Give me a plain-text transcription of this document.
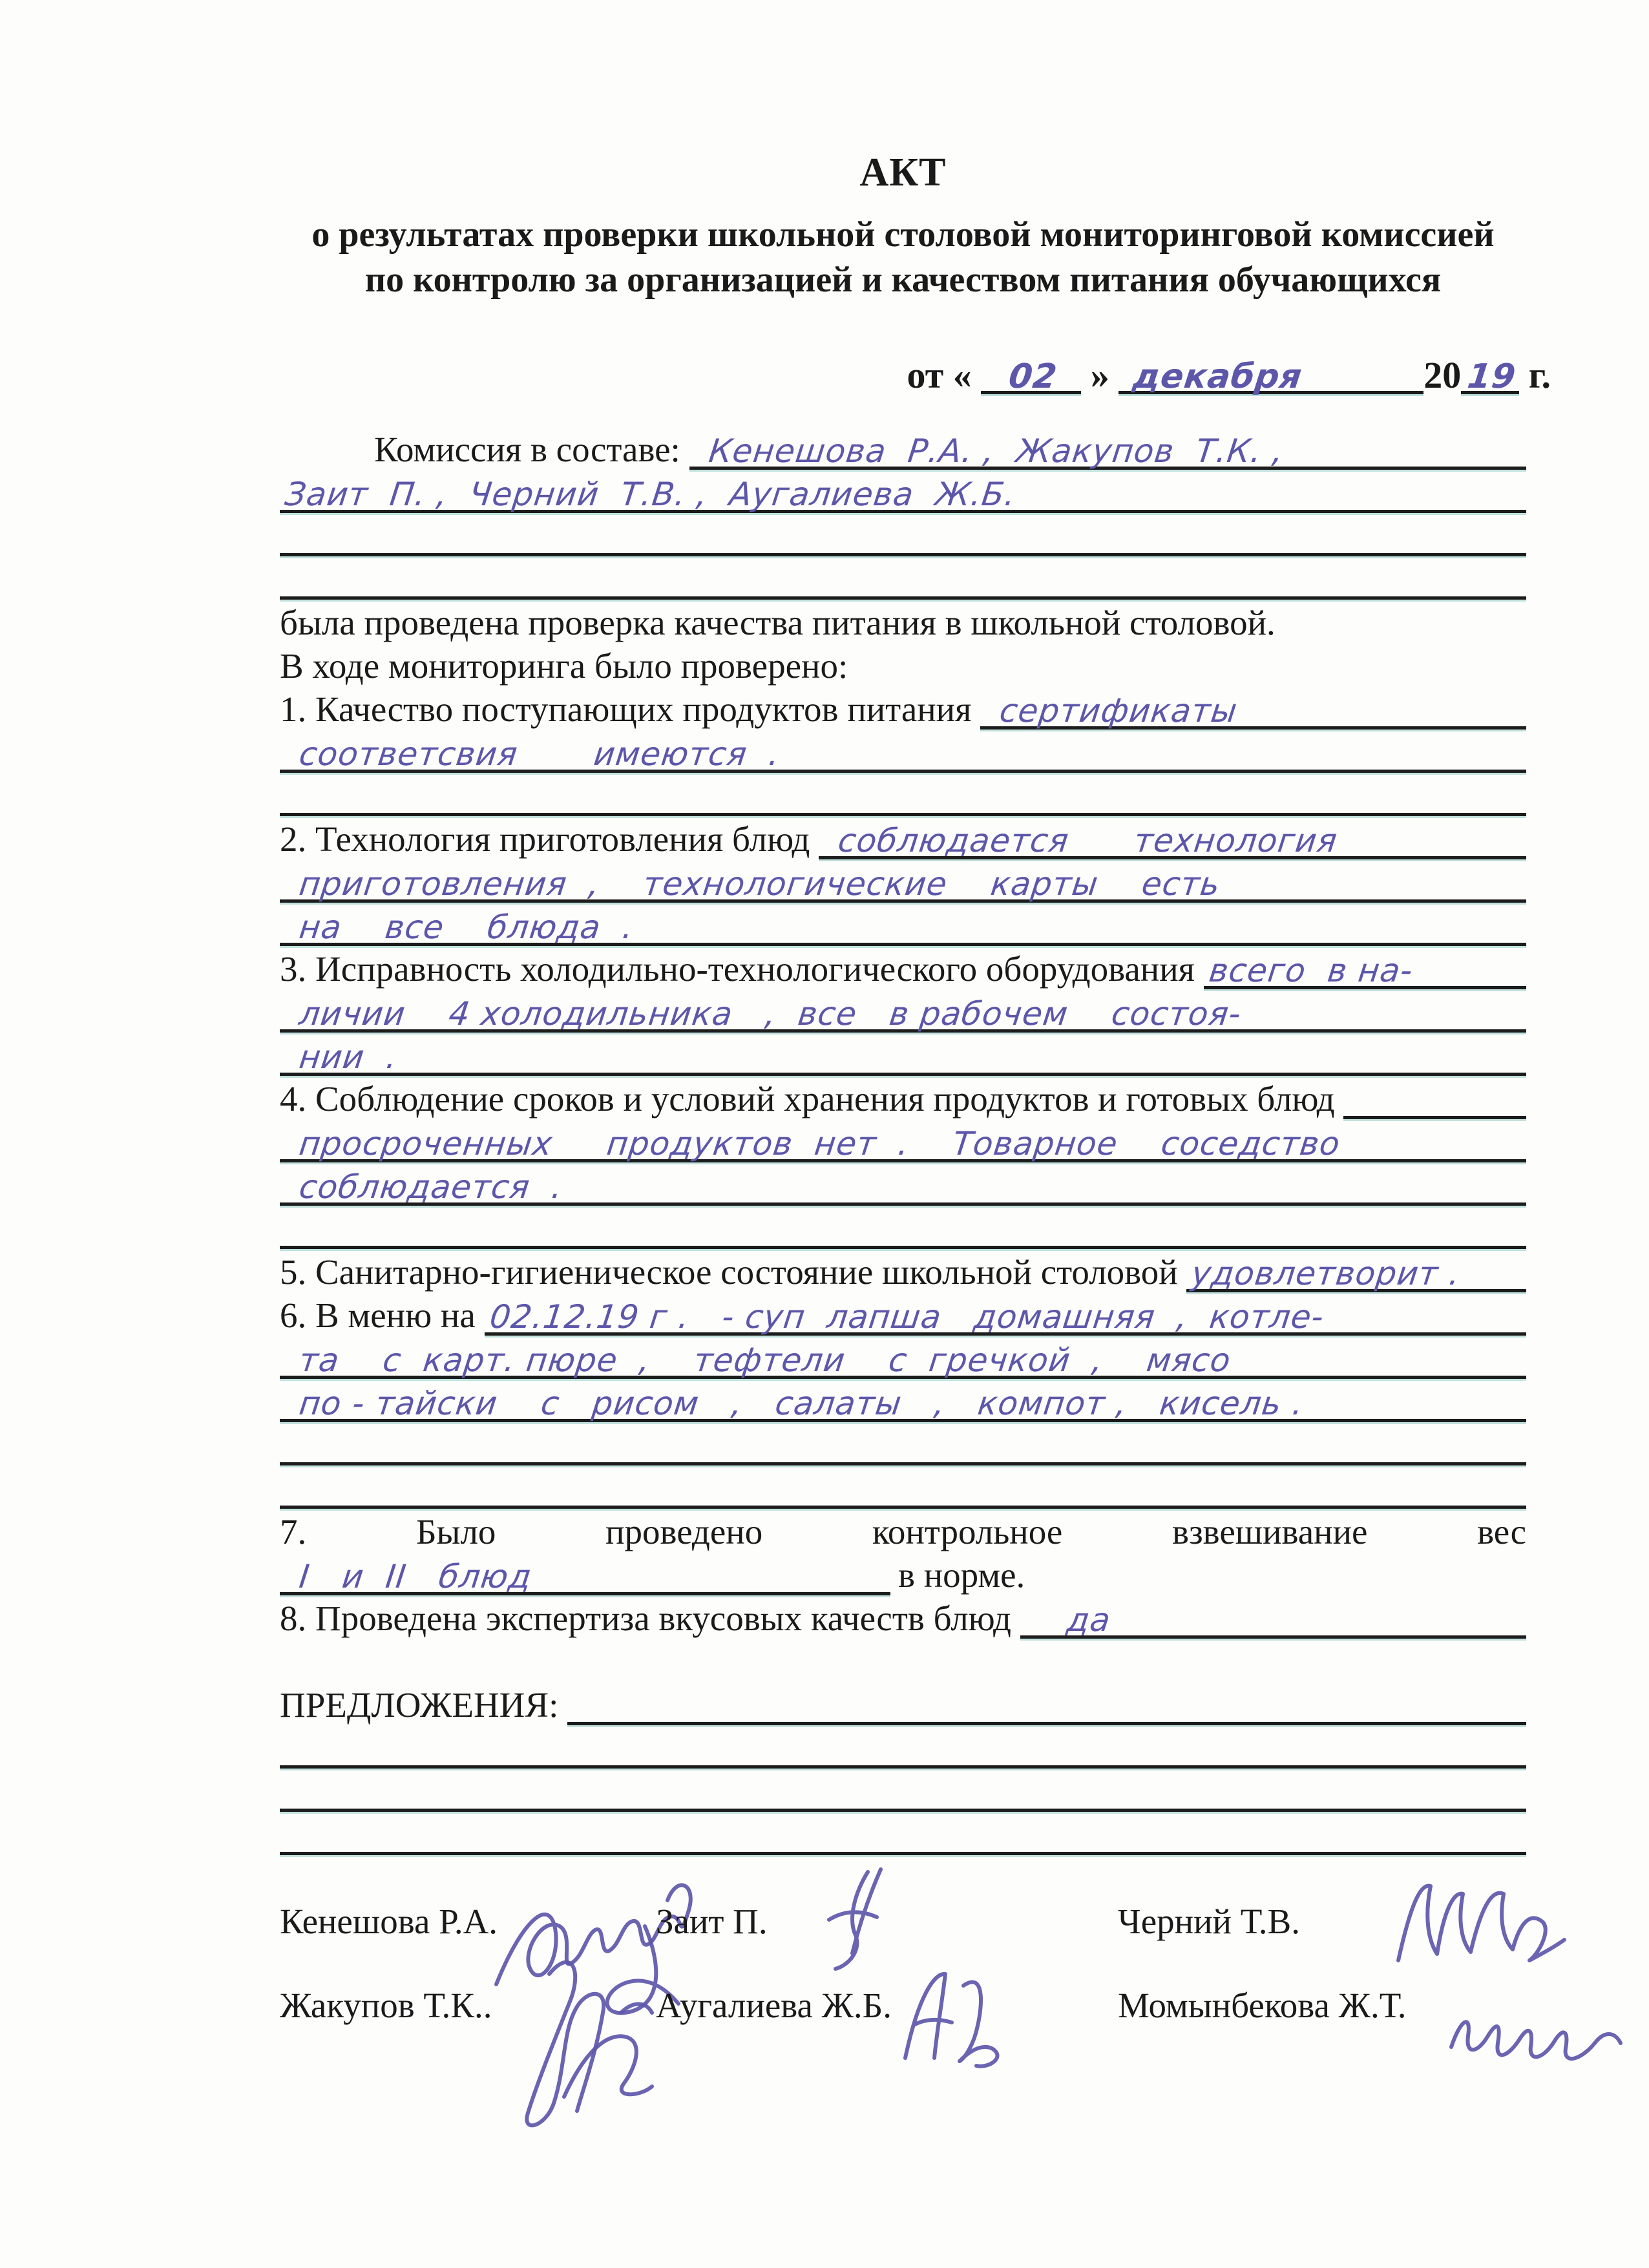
АКТ
о результатах проверки школьной столовой мониторинговой комиссией
по контролю за организацией и качеством питания обучающихся
от « 02 » декабря	20 19 г.
Комиссия в составе: Кенешова  Р.А. ,  Жакупов  Т.К. ,
Заит  П. ,  Черний  Т.В. ,  Аугалиева  Ж.Б.
была проведена проверка качества питания в школьной столовой.
В ходе мониторинга было проверено:
1. Качество поступающих продуктов питания сертификаты
соответсвия       имеются  .
2. Технология приготовления блюд соблюдается      технология
приготовления  ,    технологические    карты    есть
на    все    блюда  .
3. Исправность холодильно-технологического оборудования всего  в на-
личии    4 холодильника   ,  все   в рабочем    состоя-
нии  .
4. Соблюдение сроков и условий хранения продуктов и готовых блюд
просроченных     продуктов  нет  .    Товарное    соседство
соблюдается  .
5. Санитарно-гигиеническое состояние школьной столовой удовлетворит .
6. В меню на 02.12.19 г .   - суп  лапша   домашняя  ,  котле-
та    с  карт. пюре  ,    тефтели    с  гречкой  ,    мясо
по - тайски    с   рисом   ,   салаты   ,   компот ,   кисель .
7.	Было	проведено	контрольное	взвешивание	вес
I   и  II   блюд	в норме.
8. Проведена экспертиза вкусовых качеств блюд	да
ПРЕДЛОЖЕНИЯ:
Кенешова Р.А.	Заит П.	Черний Т.В.
Жакупов Т.К..	Аугалиева Ж.Б.	Момынбекова Ж.Т.
